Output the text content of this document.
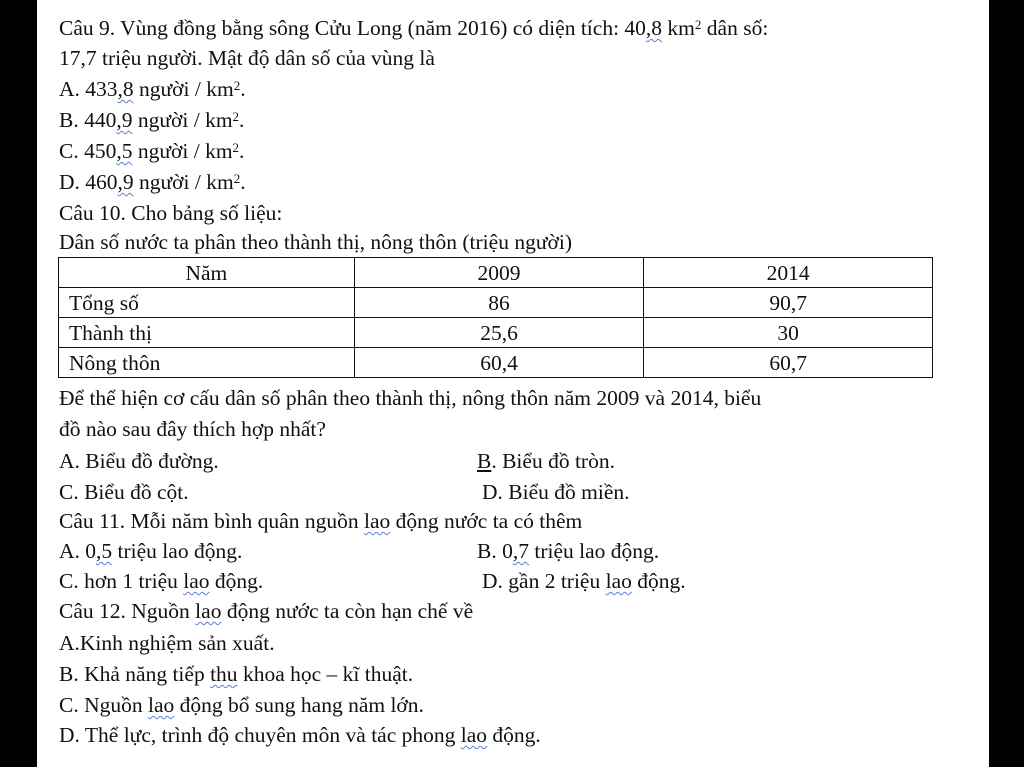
Câu 9. Vùng đồng bằng sông Cửu Long (năm 2016) có diện tích: 40,8 $km^2$ dân số:
17,7 triệu người. Mật độ dân số của vùng là
A. 433,8 người / $km^2$.
B. 440,9 người / $km^2$.
C. 450,5 người / $km^2$.
D. 460,9 người / $km^2$.
Câu 10. Cho bảng số liệu:
Dân số nước ta phân theo thành thị, nông thôn (triệu người)
Năm	2009	2014
Tổng số	86	90,7
Thành thị	25,6	30
Nông thôn	60,4	60,7
Để thể hiện cơ cấu dân số phân theo thành thị, nông thôn năm 2009 và 2014, biểu
đồ nào sau đây thích hợp nhất?
A. Biểu đồ đường.	B. Biểu đồ tròn.
C. Biểu đồ cột.	D. Biểu đồ miền.
Câu 11. Mỗi năm bình quân nguồn lao động nước ta có thêm
A. 0,5 triệu lao động.	B. 0,7 triệu lao động.
C. hơn 1 triệu lao động.	D. gần 2 triệu lao động.
Câu 12. Nguồn lao động nước ta còn hạn chế về
A.Kinh nghiệm sản xuất.
B. Khả năng tiếp thu khoa học – kĩ thuật.
C. Nguồn lao động bổ sung hang năm lớn.
D. Thể lực, trình độ chuyên môn và tác phong lao động.
